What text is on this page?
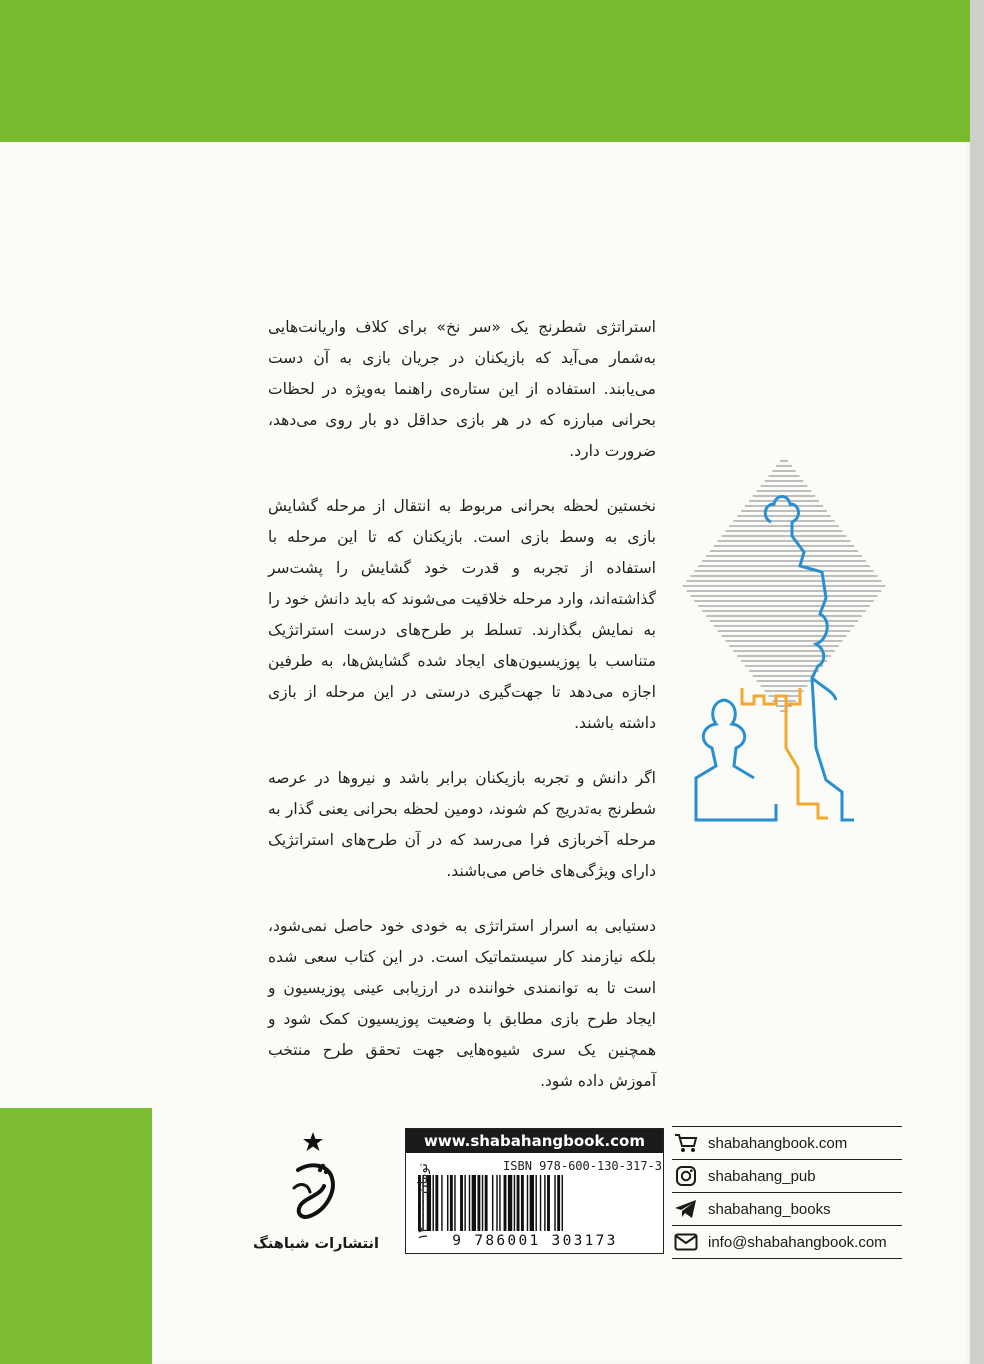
استراتژی شطرنج یک «سر نخ» برای کلاف واریانت‌هایی به‌شمار می‌آید که بازیکنان در جریان بازی به آن دست می‌یابند. استفاده از این ستاره‌ی راهنما به‌ویژه در لحظات بحرانی مبارزه که در هر بازی حداقل دو بار روی می‌دهد، ضرورت دارد.

نخستین لحظه بحرانی مربوط به انتقال از مرحله گشایش بازی به وسط بازی است. بازیکنان که تا این مرحله با استفاده از تجربه و قدرت خود گشایش را پشت‌سر گذاشته‌اند، وارد مرحله خلاقیت می‌شوند که باید دانش خود را به نمایش بگذارند. تسلط بر طرح‌های درست استراتژیک متناسب با پوزیسیون‌های ایجاد شده گشایش‌ها، به طرفین اجازه می‌دهد تا جهت‌گیری درستی در این مرحله از بازی داشته باشند.

اگر دانش و تجربه بازیکنان برابر باشد و نیروها در عرصه شطرنج به‌تدریج کم شوند، دومین لحظه بحرانی یعنی گذار به مرحله آخربازی فرا می‌رسد که در آن طرح‌های استراتژیک دارای ویژگی‌های خاص می‌باشند.

دستیابی به اسرار استراتژی به خودی خود حاصل نمی‌شود، بلکه نیازمند کار سیستماتیک است. در این کتاب سعی شده است تا به توانمندی خواننده در ارزیابی عینی پوزیسیون و ایجاد طرح بازی مطابق با وضعیت پوزیسیون کمک شود و همچنین یک سری شیوه‌هایی جهت تحقق طرح منتخب آموزش داده شود.

www.shabahangbook.com
ISBN 978-600-130-317-3
9 786001 303173
۱۲۰۰۰۰ تومان
shabahangbook.com
shabahang_pub
shabahang_books
info@shabahangbook.com
انتشارات شباهنگ
